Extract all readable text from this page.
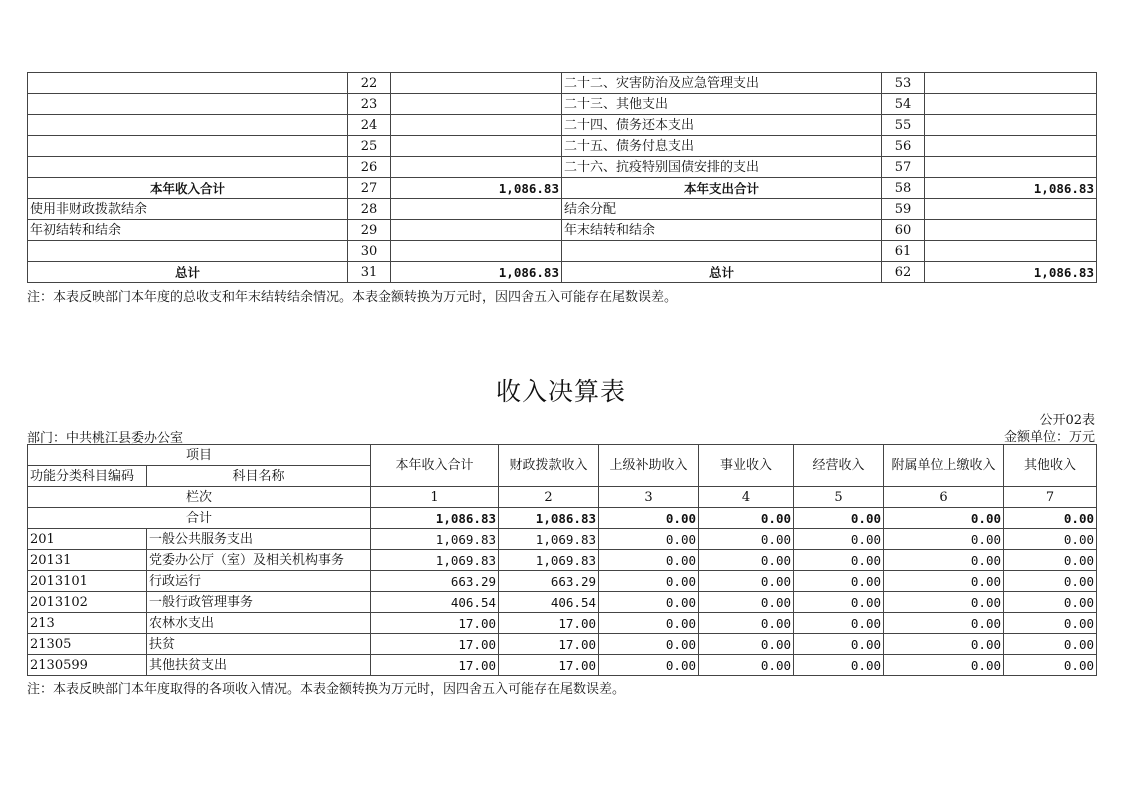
	22		二十二、灾害防治及应急管理支出	53	
	23		二十三、其他支出	54	
	24		二十四、债务还本支出	55	
	25		二十五、债务付息支出	56	
	26		二十六、抗疫特别国债安排的支出	57	
本年收入合计	27	1,086.83	本年支出合计	58	1,086.83
使用非财政拨款结余	28		结余分配	59	
年初结转和结余	29		年末结转和结余	60	
	30			61	
总计	31	1,086.83	总计	62	1,086.83
注：本表反映部门本年度的总收支和年末结转结余情况。本表金额转换为万元时，因四舍五入可能存在尾数误差。
收入决算表
公开02表
部门：中共桃江县委办公室	金额单位：万元
项目		本年收入合计	财政拨款收入	上级补助收入	事业收入	经营收入	附属单位上缴收入	其他收入
功能分类科目编码	科目名称							
栏次		1	2	3	4	5	6	7
合计		1,086.83	1,086.83	0.00	0.00	0.00	0.00	0.00
201	一般公共服务支出	1,069.83	1,069.83	0.00	0.00	0.00	0.00	0.00
20131	党委办公厅（室）及相关机构事务	1,069.83	1,069.83	0.00	0.00	0.00	0.00	0.00
2013101	行政运行	663.29	663.29	0.00	0.00	0.00	0.00	0.00
2013102	一般行政管理事务	406.54	406.54	0.00	0.00	0.00	0.00	0.00
213	农林水支出	17.00	17.00	0.00	0.00	0.00	0.00	0.00
21305	扶贫	17.00	17.00	0.00	0.00	0.00	0.00	0.00
2130599	其他扶贫支出	17.00	17.00	0.00	0.00	0.00	0.00	0.00
注：本表反映部门本年度取得的各项收入情况。本表金额转换为万元时，因四舍五入可能存在尾数误差。
